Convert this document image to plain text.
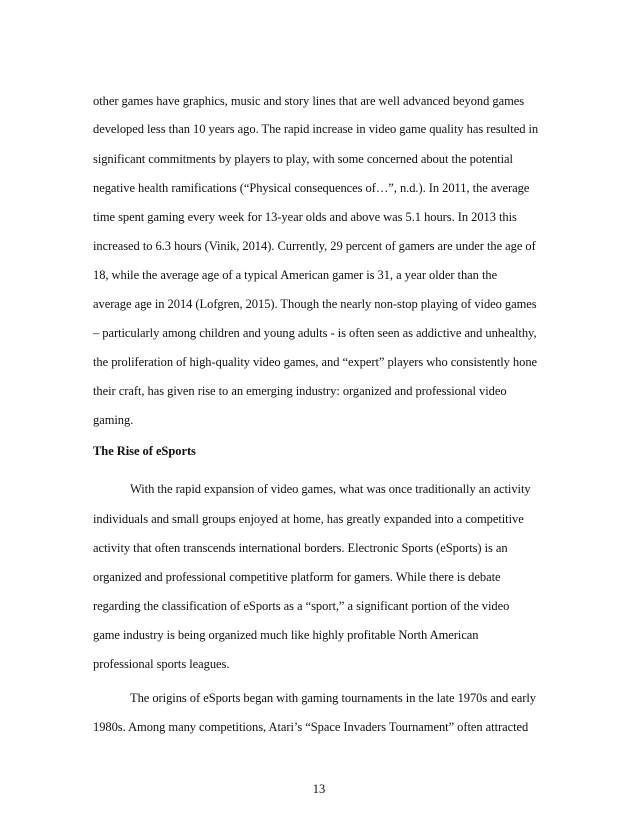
other games have graphics, music and story lines that are well advanced beyond games
developed less than 10 years ago. The rapid increase in video game quality has resulted in
significant commitments by players to play, with some concerned about the potential
negative health ramifications (“Physical consequences of…”, n.d.). In 2011, the average
time spent gaming every week for 13-year olds and above was 5.1 hours. In 2013 this
increased to 6.3 hours (Vinik, 2014). Currently, 29 percent of gamers are under the age of
18, while the average age of a typical American gamer is 31, a year older than the
average age in 2014 (Lofgren, 2015). Though the nearly non-stop playing of video games
– particularly among children and young adults - is often seen as addictive and unhealthy,
the proliferation of high-quality video games, and “expert” players who consistently hone
their craft, has given rise to an emerging industry: organized and professional video
gaming.
The Rise of eSports
With the rapid expansion of video games, what was once traditionally an activity
individuals and small groups enjoyed at home, has greatly expanded into a competitive
activity that often transcends international borders. Electronic Sports (eSports) is an
organized and professional competitive platform for gamers. While there is debate
regarding the classification of eSports as a “sport,” a significant portion of the video
game industry is being organized much like highly profitable North American
professional sports leagues.
The origins of eSports began with gaming tournaments in the late 1970s and early
1980s. Among many competitions, Atari’s “Space Invaders Tournament” often attracted
13
